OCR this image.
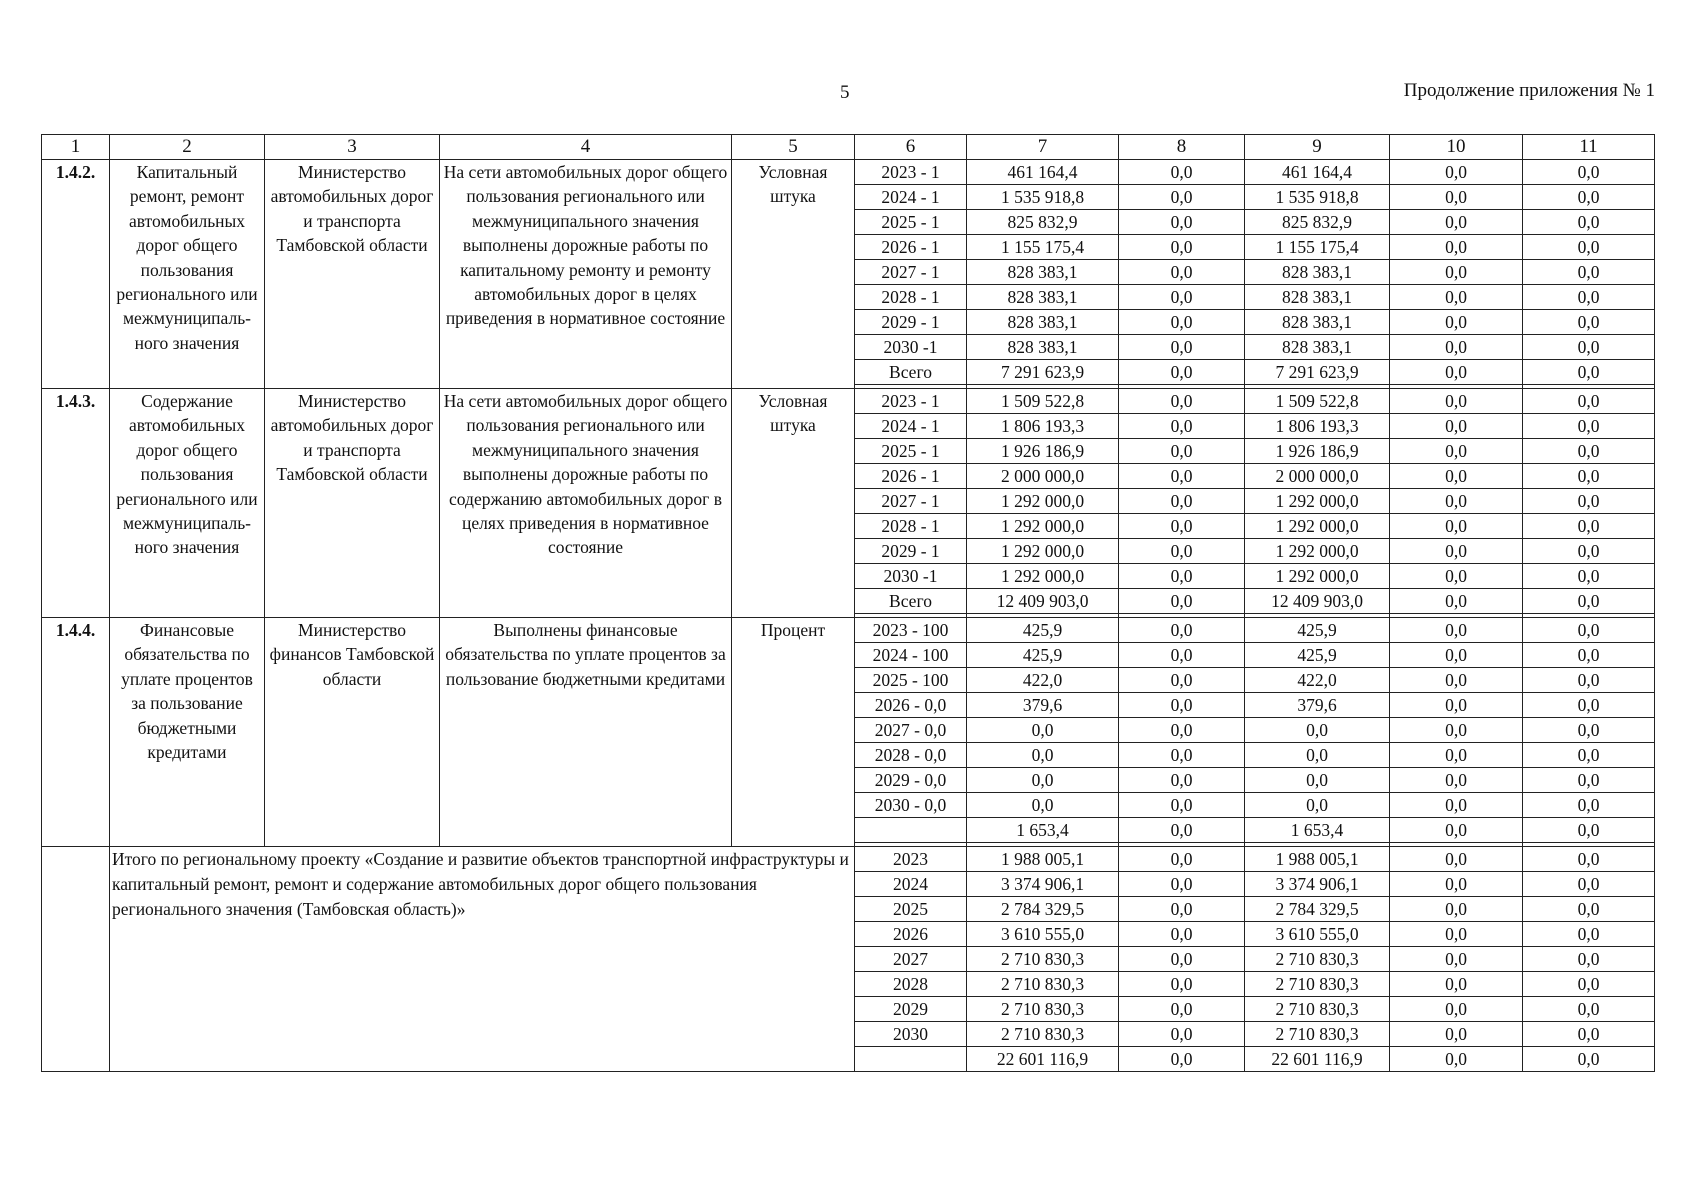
5	Продолжение приложения № 1
1	2	3	4	5	6	7	8	9	10	11
1.4.2.	Капитальный ремонт, ремонт автомобильных дорог общего пользования регионального или межмуниципаль-ного значения	Министерство автомобильных дорог и транспорта Тамбовской области	На сети автомобильных дорог общего пользования регионального или межмуниципального значения выполнены дорожные работы по капитальному ремонту и ремонту автомобильных дорог в целях приведения в нормативное состояние	Условная штука	2023 - 1	461 164,4	0,0	461 164,4	0,0	0,0
					2024 - 1	1 535 918,8	0,0	1 535 918,8	0,0	0,0
					2025 - 1	825 832,9	0,0	825 832,9	0,0	0,0
					2026 - 1	1 155 175,4	0,0	1 155 175,4	0,0	0,0
					2027 - 1	828 383,1	0,0	828 383,1	0,0	0,0
					2028 - 1	828 383,1	0,0	828 383,1	0,0	0,0
					2029 - 1	828 383,1	0,0	828 383,1	0,0	0,0
					2030 -1	828 383,1	0,0	828 383,1	0,0	0,0
					Всего	7 291 623,9	0,0	7 291 623,9	0,0	0,0

1.4.3.	Содержание автомобильных дорог общего пользования регионального или межмуниципаль-ного значения	Министерство автомобильных дорог и транспорта Тамбовской области	На сети автомобильных дорог общего пользования регионального или межмуниципального значения выполнены дорожные работы по содержанию автомобильных дорог в целях приведения в нормативное состояние	Условная штука	2023 - 1	1 509 522,8	0,0	1 509 522,8	0,0	0,0
					2024 - 1	1 806 193,3	0,0	1 806 193,3	0,0	0,0
					2025 - 1	1 926 186,9	0,0	1 926 186,9	0,0	0,0
					2026 - 1	2 000 000,0	0,0	2 000 000,0	0,0	0,0
					2027 - 1	1 292 000,0	0,0	1 292 000,0	0,0	0,0
					2028 - 1	1 292 000,0	0,0	1 292 000,0	0,0	0,0
					2029 - 1	1 292 000,0	0,0	1 292 000,0	0,0	0,0
					2030 -1	1 292 000,0	0,0	1 292 000,0	0,0	0,0
					Всего	12 409 903,0	0,0	12 409 903,0	0,0	0,0

1.4.4.	Финансовые обязательства по уплате процентов за пользование бюджетными кредитами	Министерство финансов Тамбовской области	Выполнены финансовые обязательства по уплате процентов за пользование бюджетными кредитами	Процент	2023 - 100	425,9	0,0	425,9	0,0	0,0
					2024 - 100	425,9	0,0	425,9	0,0	0,0
					2025 - 100	422,0	0,0	422,0	0,0	0,0
					2026 - 0,0	379,6	0,0	379,6	0,0	0,0
					2027 - 0,0	0,0	0,0	0,0	0,0	0,0
					2028 - 0,0	0,0	0,0	0,0	0,0	0,0
					2029 - 0,0	0,0	0,0	0,0	0,0	0,0
					2030 - 0,0	0,0	0,0	0,0	0,0	0,0
						1 653,4	0,0	1 653,4	0,0	0,0

	Итого по региональному проекту «Создание и развитие объектов транспортной инфраструктуры и капитальный ремонт, ремонт и содержание автомобильных дорог общего пользования регионального значения (Тамбовская область)»				2023	1 988 005,1	0,0	1 988 005,1	0,0	0,0
					2024	3 374 906,1	0,0	3 374 906,1	0,0	0,0
					2025	2 784 329,5	0,0	2 784 329,5	0,0	0,0
					2026	3 610 555,0	0,0	3 610 555,0	0,0	0,0
					2027	2 710 830,3	0,0	2 710 830,3	0,0	0,0
					2028	2 710 830,3	0,0	2 710 830,3	0,0	0,0
					2029	2 710 830,3	0,0	2 710 830,3	0,0	0,0
					2030	2 710 830,3	0,0	2 710 830,3	0,0	0,0
						22 601 116,9	0,0	22 601 116,9	0,0	0,0
